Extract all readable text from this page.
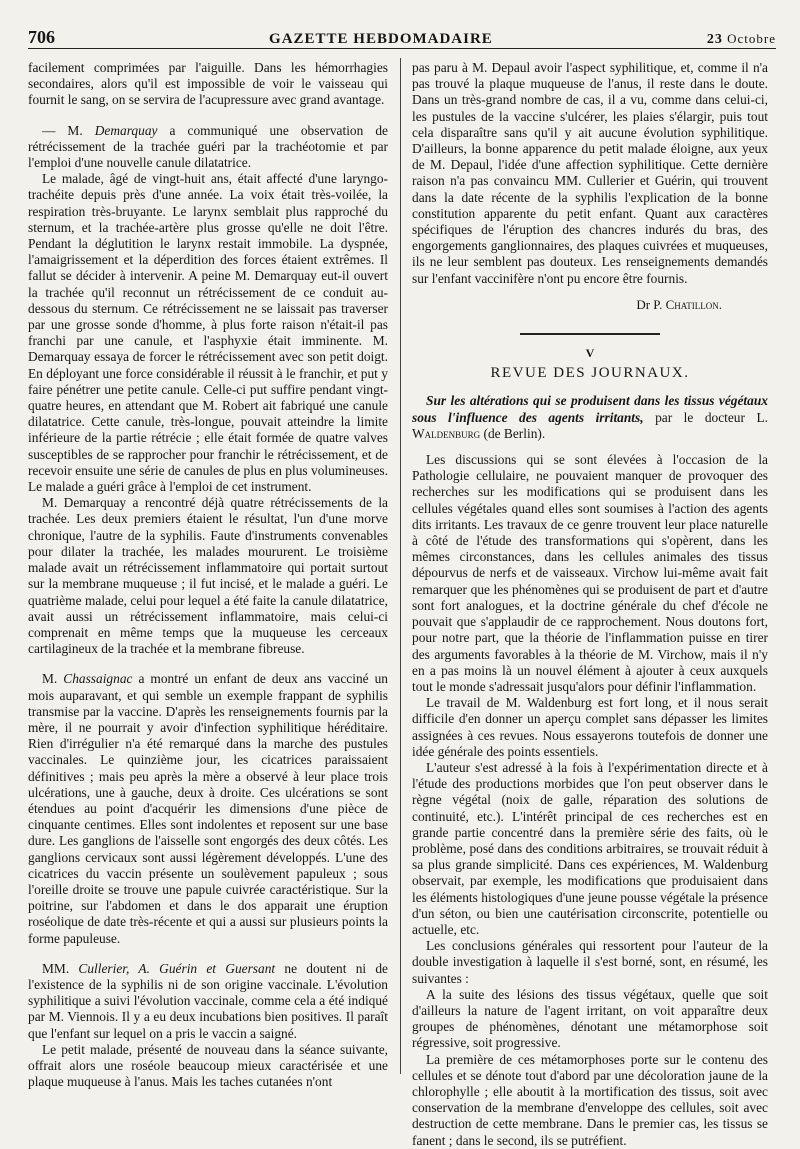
706	GAZETTE HEBDOMADAIRE	23 Octobre

facilement comprimées par l'aiguille. Dans les hémorrhagies secondaires, alors qu'il est impossible de voir le vaisseau qui fournit le sang, on se servira de l'acupressure avec grand avantage.

— M. Demarquay a communiqué une observation de rétrécissement de la trachée guéri par la trachéotomie et par l'emploi d'une nouvelle canule dilatatrice.

Le malade, âgé de vingt-huit ans, était affecté d'une laryngo-trachéite depuis près d'une année. La voix était très-voilée, la respiration très-bruyante. Le larynx semblait plus rapproché du sternum, et la trachée-artère plus grosse qu'elle ne doit l'être. Pendant la déglutition le larynx restait immobile. La dyspnée, l'amaigrissement et la déperdition des forces étaient extrêmes. Il fallut se décider à intervenir. A peine M. Demarquay eut-il ouvert la trachée qu'il reconnut un rétrécissement de ce conduit au-dessous du sternum. Ce rétrécissement ne se laissait pas traverser par une grosse sonde d'homme, à plus forte raison n'était-il pas franchi par une canule, et l'asphyxie était imminente. M. Demarquay essaya de forcer le rétrécissement avec son petit doigt. En déployant une force considérable il réussit à le franchir, et put y faire pénétrer une petite canule. Celle-ci put suffire pendant vingt-quatre heures, en attendant que M. Robert ait fabriqué une canule dilatatrice. Cette canule, très-longue, pouvait atteindre la limite inférieure de la partie rétrécie ; elle était formée de quatre valves susceptibles de se rapprocher pour franchir le rétrécissement, et de recevoir ensuite une série de canules de plus en plus volumineuses. Le malade a guéri grâce à l'emploi de cet instrument.

M. Demarquay a rencontré déjà quatre rétrécissements de la trachée. Les deux premiers étaient le résultat, l'un d'une morve chronique, l'autre de la syphilis. Faute d'instruments convenables pour dilater la trachée, les malades moururent. Le troisième malade avait un rétrécissement inflammatoire qui portait surtout sur la membrane muqueuse ; il fut incisé, et le malade a guéri. Le quatrième malade, celui pour lequel a été faite la canule dilatatrice, avait aussi un rétrécissement inflammatoire, mais celui-ci comprenait en même temps que la muqueuse les cerceaux cartilagineux de la trachée et la membrane fibreuse.

M. Chassaignac a montré un enfant de deux ans vacciné un mois auparavant, et qui semble un exemple frappant de syphilis transmise par la vaccine. D'après les renseignements fournis par la mère, il ne pourrait y avoir d'infection syphilitique héréditaire. Rien d'irrégulier n'a été remarqué dans la marche des pustules vaccinales. Le quinzième jour, les cicatrices paraissaient définitives ; mais peu après la mère a observé à leur place trois ulcérations, une à gauche, deux à droite. Ces ulcérations se sont étendues au point d'acquérir les dimensions d'une pièce de cinquante centimes. Elles sont indolentes et reposent sur une base dure. Les ganglions de l'aisselle sont engorgés des deux côtés. Les ganglions cervicaux sont aussi légèrement développés. L'une des cicatrices du vaccin présente un soulèvement papuleux ; sous l'oreille droite se trouve une papule cuivrée caractéristique. Sur la poitrine, sur l'abdomen et dans le dos apparait une éruption roséolique de date très-récente et qui a aussi sur plusieurs points la forme papuleuse.

MM. Cullerier, A. Guérin et Guersant ne doutent ni de l'existence de la syphilis ni de son origine vaccinale. L'évolution syphilitique a suivi l'évolution vaccinale, comme cela a été indiqué par M. Viennois. Il y a eu deux incubations bien positives. Il paraît que l'enfant sur lequel on a pris le vaccin a saigné.

Le petit malade, présenté de nouveau dans la séance suivante, offrait alors une roséole beaucoup mieux caractérisée et une plaque muqueuse à l'anus. Mais les taches cutanées n'ont

pas paru à M. Depaul avoir l'aspect syphilitique, et, comme il n'a pas trouvé la plaque muqueuse de l'anus, il reste dans le doute. Dans un très-grand nombre de cas, il a vu, comme dans celui-ci, les pustules de la vaccine s'ulcérer, les plaies s'élargir, puis tout cela disparaître sans qu'il y ait aucune évolution syphilitique. D'ailleurs, la bonne apparence du petit malade éloigne, aux yeux de M. Depaul, l'idée d'une affection syphilitique. Cette dernière raison n'a pas convaincu MM. Cullerier et Guérin, qui trouvent dans la date récente de la syphilis l'explication de la bonne constitution apparente du petit enfant. Quant aux caractères spécifiques de l'éruption des chancres indurés du bras, des engorgements ganglionnaires, des plaques cuivrées et muqueuses, ils ne leur semblent pas douteux. Les renseignements demandés sur l'enfant vaccinifère n'ont pu encore être fournis.

Dr P. Chatillon.
V
REVUE DES JOURNAUX.

Sur les altérations qui se produisent dans les tissus végétaux sous l'influence des agents irritants, par le docteur L. Waldenburg (de Berlin).

Les discussions qui se sont élevées à l'occasion de la Pathologie cellulaire, ne pouvaient manquer de provoquer des recherches sur les modifications qui se produisent dans les cellules végétales quand elles sont soumises à l'action des agents dits irritants. Les travaux de ce genre trouvent leur place naturelle à côté de l'étude des transformations qui s'opèrent, dans les mêmes circonstances, dans les cellules animales des tissus dépourvus de nerfs et de vaisseaux. Virchow lui-même avait fait remarquer que les phénomènes qui se produisent de part et d'autre sont fort analogues, et la doctrine générale du chef d'école ne pouvait que s'applaudir de ce rapprochement. Nous doutons fort, pour notre part, que la théorie de l'inflammation puisse en tirer des arguments favorables à la théorie de M. Virchow, mais il n'y en a pas moins là un nouvel élément à ajouter à ceux auxquels tout le monde s'adressait jusqu'alors pour définir l'inflammation.

Le travail de M. Waldenburg est fort long, et il nous serait difficile d'en donner un aperçu complet sans dépasser les limites assignées à ces revues. Nous essayerons toutefois de donner une idée générale des points essentiels.

L'auteur s'est adressé à la fois à l'expérimentation directe et à l'étude des productions morbides que l'on peut observer dans le règne végétal (noix de galle, réparation des solutions de continuité, etc.). L'intérêt principal de ces recherches est en grande partie concentré dans la première série des faits, où le problème, posé dans des conditions arbitraires, se trouvait réduit à sa plus grande simplicité. Dans ces expériences, M. Waldenburg observait, par exemple, les modifications que produisaient dans les éléments histologiques d'une jeune pousse végétale la présence d'un séton, ou bien une cautérisation circonscrite, potentielle ou actuelle, etc.

Les conclusions générales qui ressortent pour l'auteur de la double investigation à laquelle il s'est borné, sont, en résumé, les suivantes :

A la suite des lésions des tissus végétaux, quelle que soit d'ailleurs la nature de l'agent irritant, on voit apparaître deux groupes de phénomènes, dénotant une métamorphose soit régressive, soit progressive.

La première de ces métamorphoses porte sur le contenu des cellules et se dénote tout d'abord par une décoloration jaune de la chlorophylle ; elle aboutit à la mortification des tissus, soit avec conservation de la membrane d'enveloppe des cellules, soit avec destruction de cette membrane. Dans le premier cas, les tissus se fanent ; dans le second, ils se putréfient.
